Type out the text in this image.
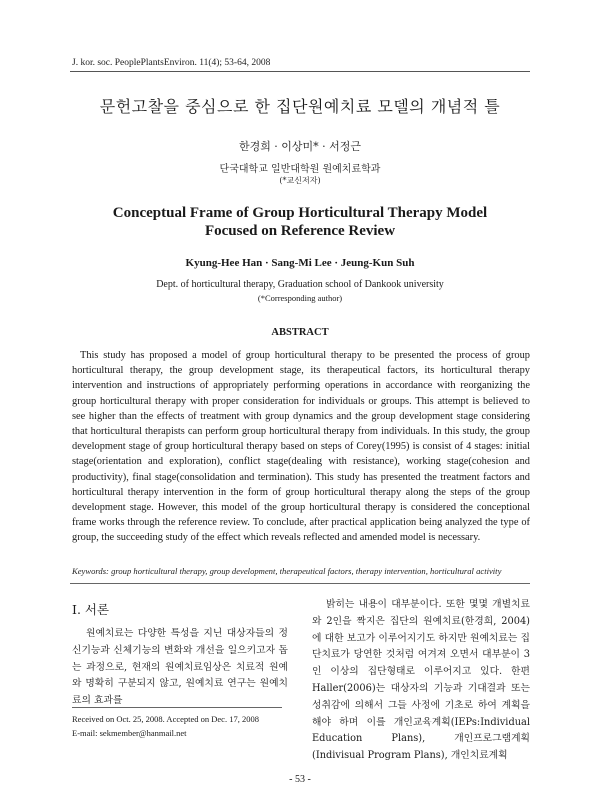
J. kor. soc. PeoplePlantsEnviron. 11(4); 53-64, 2008
문헌고찰을 중심으로 한 집단원예치료 모델의 개념적 틀
한경희 · 이상미* · 서정근
단국대학교 일반대학원 원예치료학과
(*교신저자)
Conceptual Frame of Group Horticultural Therapy Model
Focused on Reference Review
Kyung-Hee Han · Sang-Mi Lee · Jeung-Kun Suh
Dept. of horticultural therapy, Graduation school of Dankook university
(*Corresponding author)
ABSTRACT
This study has proposed a model of group horticultural therapy to be presented the process of group horticultural therapy, the group development stage, its therapeutical factors, its horticultural therapy intervention and instructions of appropriately performing operations in accordance with reorganizing the group horticultural therapy with proper consideration for individuals or groups. This attempt is believed to see higher than the effects of treatment with group dynamics and the group development stage considering that horticultural therapists can perform group horticultural therapy from individuals. In this study, the group development stage of group horticultural therapy based on steps of Corey(1995) is consist of 4 stages: initial stage(orientation and exploration), conflict stage(dealing with resistance), working stage(cohesion and productivity), final stage(consolidation and termination). This study has presented the treatment factors and horticultural therapy intervention in the form of group horticultural therapy along the steps of the group development stage. However, this model of the group horticultural therapy is considered the conceptional frame works through the reference review. To conclude, after practical application being analyzed the type of group, the succeeding study of the effect which reveals reflected and amended model is necessary.
Keywords: group horticultural therapy, group development, therapeutical factors, therapy intervention, horticultural activity
Ⅰ. 서론
원예치료는 다양한 특성을 지닌 대상자들의 정신기능과 신체기능의 변화와 개선을 일으키고자 돕는 과정으로, 현재의 원예치료임상은 치료적 원예와 명확히 구분되지 않고, 원예치료 연구는 원예치료의 효과를
밝히는 내용이 대부분이다. 또한 몇몇 개별치료와 2인을 짝지은 집단의 원예치료(한경희, 2004)에 대한 보고가 이루어지기도 하지만 원예치료는 집단치료가 당연한 것처럼 여겨져 오면서 대부분이 3인 이상의 집단형태로 이루어지고 있다. 한편 Haller(2006)는 대상자의 기능과 기대결과 또는 성취감에 의해서 그들 사정에 기초로 하여 계획을 해야 하며 이를 개인교육계획(IEPs:Individual Education Plans), 개인프로그램계획(Indivisual Program Plans), 개인치료계획
Received on Oct. 25, 2008. Accepted on Dec. 17, 2008
E-mail: sekmember@hanmail.net
- 53 -
